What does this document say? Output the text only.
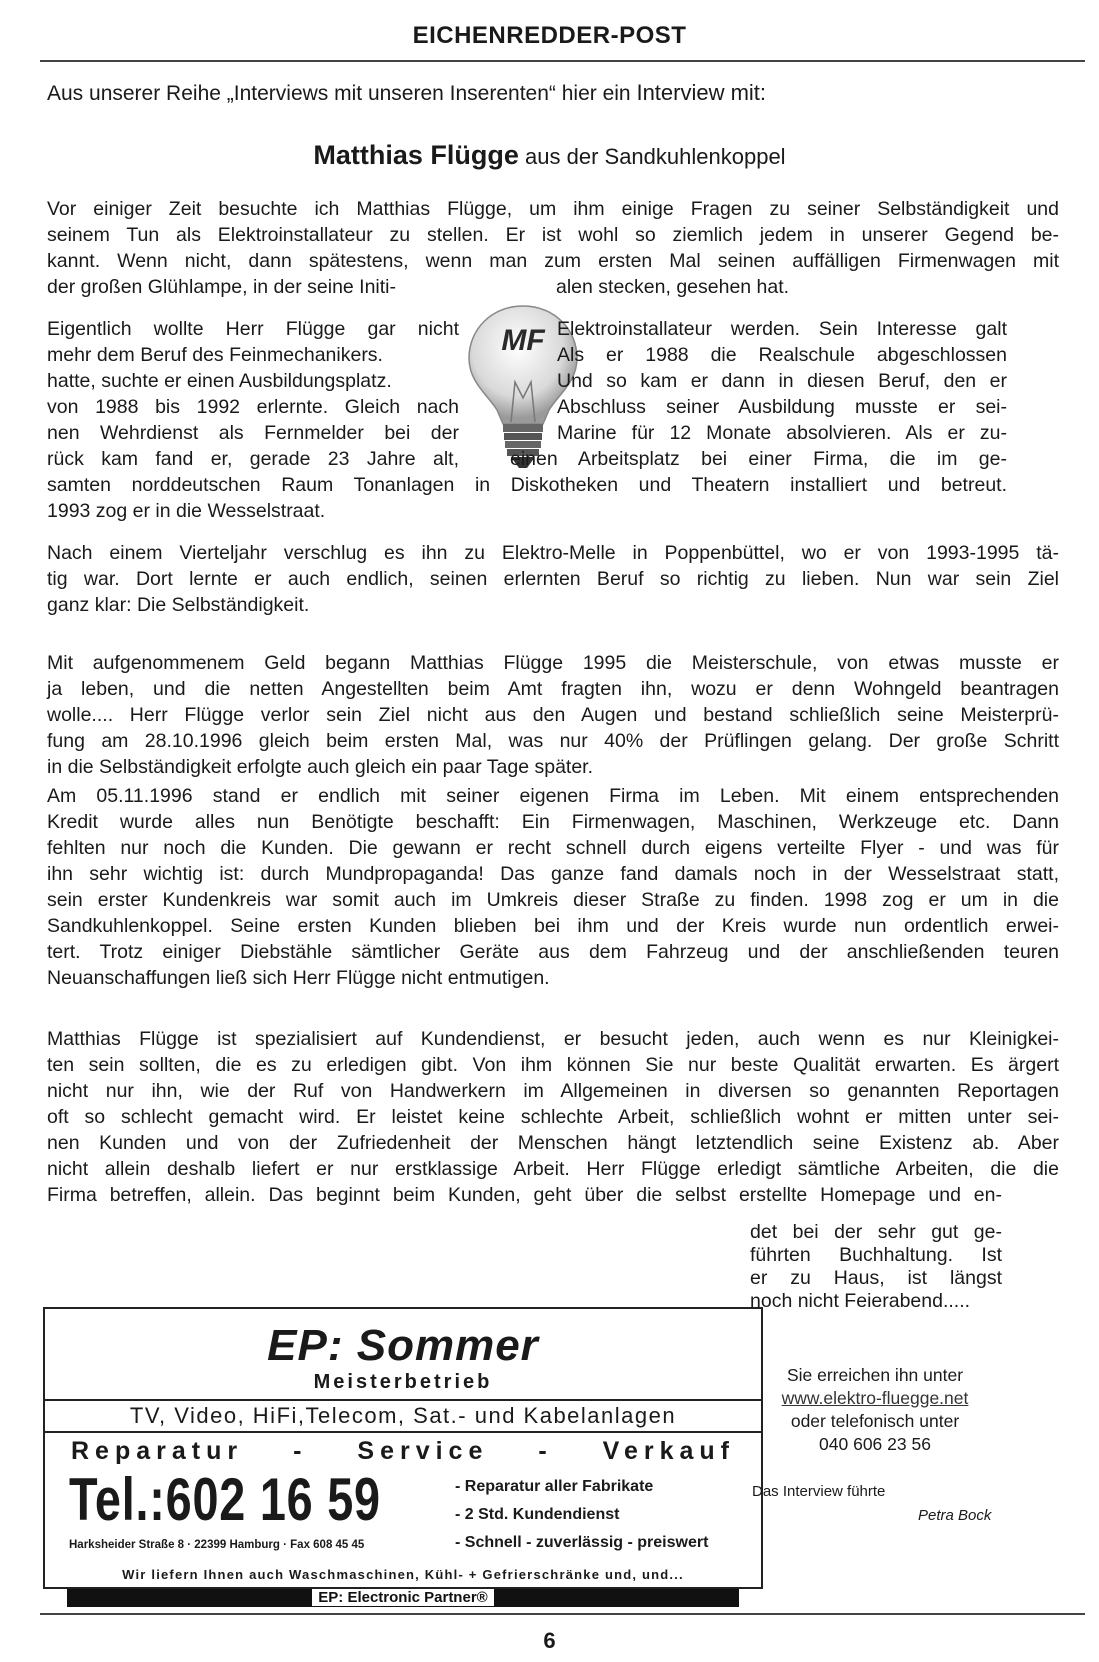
EICHENREDDER-POST
Aus unserer Reihe „Interviews mit unseren Inserenten“ hier ein Interview mit:
Matthias Flügge aus der Sandkuhlenkoppel
Vor einiger Zeit besuchte ich Matthias Flügge, um ihm einige Fragen zu seiner Selbständigkeit und
seinem Tun als Elektroinstallateur zu stellen. Er ist wohl so ziemlich jedem in unserer Gegend be-
kannt. Wenn nicht, dann spätestens, wenn man zum ersten Mal seinen auffälligen Firmenwagen mit
der großen Glühlampe, in der seine Initi-	alen stecken, gesehen hat.
MF
Eigentlich wollte Herr Flügge gar nicht
mehr dem Beruf des Feinmechanikers.
hatte, suchte er einen Ausbildungsplatz.
von 1988 bis 1992 erlernte. Gleich nach
nen Wehrdienst als Fernmelder bei der
rück kam fand er, gerade 23 Jahre alt,
Elektroinstallateur werden. Sein Interesse galt
Als er 1988 die Realschule abgeschlossen
Und so kam er dann in diesen Beruf, den er
Abschluss seiner Ausbildung musste er sei-
Marine für 12 Monate absolvieren. Als er zu-
einen Arbeitsplatz bei einer Firma, die im ge-
samten norddeutschen Raum Tonanlagen in Diskotheken und Theatern installiert und betreut.
1993 zog er in die Wesselstraat.
Nach einem Vierteljahr verschlug es ihn zu Elektro-Melle in Poppenbüttel, wo er von 1993-1995 tä-
tig war. Dort lernte er auch endlich, seinen erlernten Beruf so richtig zu lieben. Nun war sein Ziel
ganz klar: Die Selbständigkeit.
Mit aufgenommenem Geld begann Matthias Flügge 1995 die Meisterschule, von etwas musste er
ja leben, und die netten Angestellten beim Amt fragten ihn, wozu er denn Wohngeld beantragen
wolle.... Herr Flügge verlor sein Ziel nicht aus den Augen und bestand schließlich seine Meisterprü-
fung am 28.10.1996 gleich beim ersten Mal, was nur 40% der Prüflingen gelang. Der große Schritt
in die Selbständigkeit erfolgte auch gleich ein paar Tage später.
Am 05.11.1996 stand er endlich mit seiner eigenen Firma im Leben. Mit einem entsprechenden
Kredit wurde alles nun Benötigte beschafft: Ein Firmenwagen, Maschinen, Werkzeuge etc. Dann
fehlten nur noch die Kunden. Die gewann er recht schnell durch eigens verteilte Flyer - und was für
ihn sehr wichtig ist: durch Mundpropaganda! Das ganze fand damals noch in der Wesselstraat statt,
sein erster Kundenkreis war somit auch im Umkreis dieser Straße zu finden. 1998 zog er um in die
Sandkuhlenkoppel. Seine ersten Kunden blieben bei ihm und der Kreis wurde nun ordentlich erwei-
tert. Trotz einiger Diebstähle sämtlicher Geräte aus dem Fahrzeug und der anschließenden teuren
Neuanschaffungen ließ sich Herr Flügge nicht entmutigen.
Matthias Flügge ist spezialisiert auf Kundendienst, er besucht jeden, auch wenn es nur Kleinigkei-
ten sein sollten, die es zu erledigen gibt. Von ihm können Sie nur beste Qualität erwarten. Es ärgert
nicht nur ihn, wie der Ruf von Handwerkern im Allgemeinen in diversen so genannten Reportagen
oft so schlecht gemacht wird. Er leistet keine schlechte Arbeit, schließlich wohnt er mitten unter sei-
nen Kunden und von der Zufriedenheit der Menschen hängt letztendlich seine Existenz ab. Aber
nicht allein deshalb liefert er nur erstklassige Arbeit. Herr Flügge erledigt sämtliche Arbeiten, die die
Firma betreffen, allein. Das beginnt beim Kunden, geht über die selbst erstellte Homepage und en-
det bei der sehr gut ge-
führten Buchhaltung. Ist
er zu Haus, ist längst
noch nicht Feierabend.....
EP: Sommer
Meisterbetrieb
TV, Video, HiFi,Telecom, Sat.- und Kabelanlagen
Reparatur - Service - Verkauf
Tel.:602 16 59
Harksheider Straße 8 · 22399 Hamburg · Fax 608 45 45
- Reparatur aller Fabrikate
- 2 Std. Kundendienst
- Schnell - zuverlässig - preiswert
Wir liefern Ihnen auch Waschmaschinen, Kühl- + Gefrierschränke und, und...
EP: Electronic Partner®
Sie erreichen ihn unter
www.elektro-fluegge.net
oder telefonisch unter
040 606 23 56
Das Interview führte
Petra Bock
6
